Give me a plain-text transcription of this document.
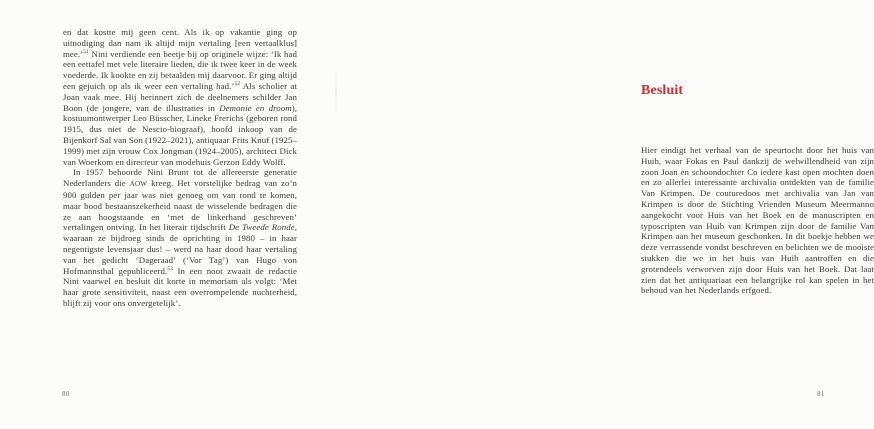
en dat kostte mij geen cent. Als ik op vakantie ging op uitnodiging dan nam ik altijd mijn vertaling [een vertaalklus] mee.’$^{51}$ Nini verdiende een beetje bij op originele wijze: ‘Ik had een eettafel met vele literaire lieden, die ik twee keer in de week voederde. Ik kookte en zij betaalden mij daarvoor. Er ging altijd een gejuich op als ik weer een vertaling had.’$^{52}$ Als scholier at Joan vaak mee. Hij herinnert zich de deelnemers schilder Jan Boon (de jongere, van de illustraties in Demonie en droom), kostuumontwerper Leo Büsscher, Lineke Frerichs (geboren rond 1915, dus niet de Nescio-biograaf), hoofd inkoop van de Bijenkorf Sal van Son (1922–2021), antiquaar Frits Knuf (1925–1999) met zijn vrouw Cox Jongman (1924–2005), architect Dick van Woerkom en directeur van modehuis Gerzon Eddy Wolff.

In 1957 behoorde Nini Brunt tot de allereerste generatie Nederlanders die AOW kreeg. Het vorstelijke bedrag van zo’n 900 gulden per jaar was niet genoeg om van rond te komen, maar bood bestaanszekerheid naast de wisselende bedragen die ze aan hoogstaande en ‘met de linkerhand geschreven’ vertalingen ontving. In het literair tijdschrift De Tweede Ronde, waaraan ze bijdroeg sinds de oprichting in 1980 – in haar negentigste levensjaar dus! – werd na haar dood haar vertaling van het gedicht ‘Dageraad’ (‘Vor Tag’) van Hugo von Hofmannsthal gepubliceerd.$^{53}$ In een noot zwaait de redactie Nini vaarwel en besluit dit korte in memoriam als volgt: ‘Met haar grote sensitiviteit, naast een overrompelende nuchterheid, blijft zij voor ons onvergetelijk’.

80
Besluit

Hier eindigt het verhaal van de speurtocht door het huis van Huib, waar Fokas en Paul dankzij de welwillendheid van zijn zoon Joan en schoondochter Co iedere kast open mochten doen en zo allerlei interessante archivalia ontdekten van de familie Van Krimpen. De couturedoos met archivalia van Jan van Krimpen is door de Stichting Vrienden Museum Meermanno aangekocht voor Huis van het Boek en de manuscripten en typoscripten van Huib van Krimpen zijn door de familie Van Krimpen aan het museum geschonken. In dit boekje hebben we deze verrassende vondst beschreven en belichten we de mooiste stukken die we in het huis van Huib aantroffen en die grotendeels verworven zijn door Huis van het Boek. Dat laat zien dat het antiquariaat een belangrijke rol kan spelen in het behoud van het Nederlands erfgoed.

81
